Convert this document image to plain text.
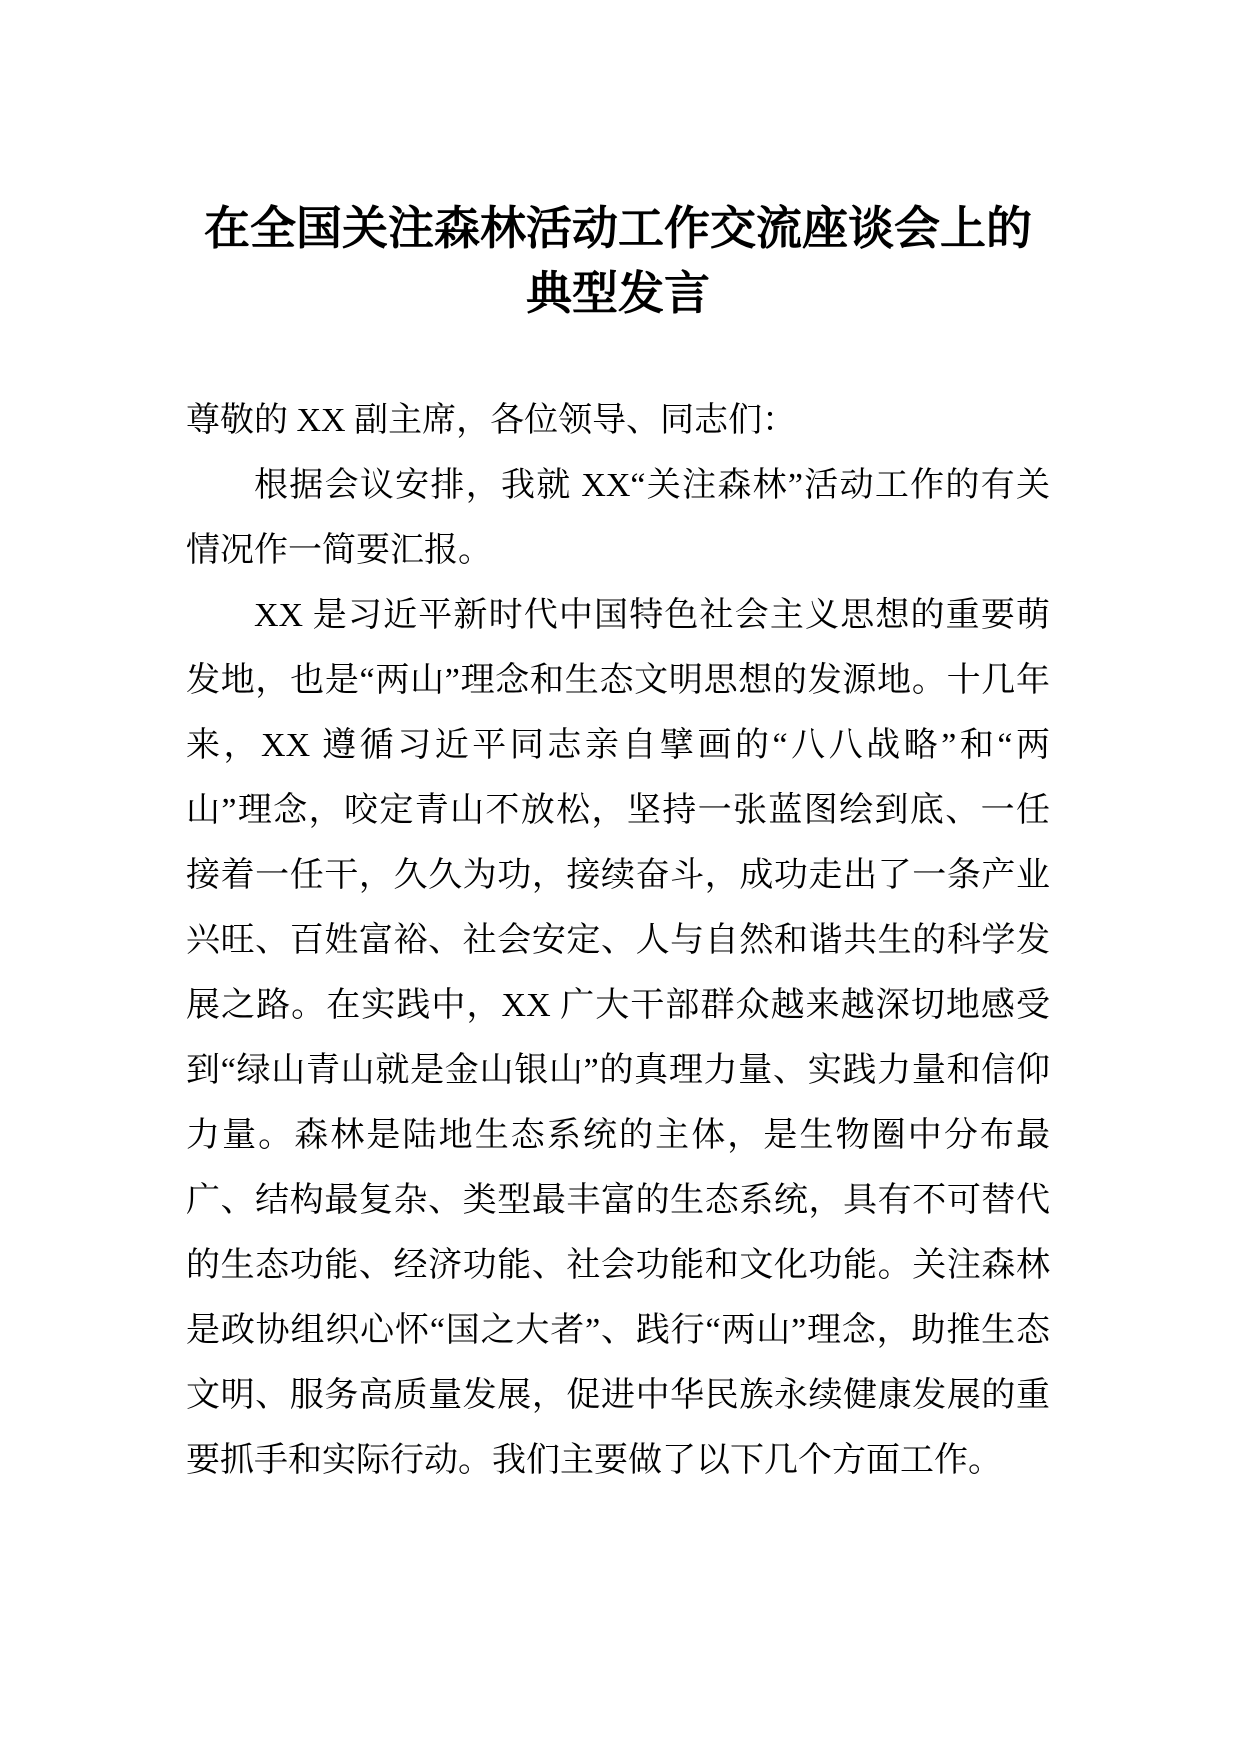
在全国关注森林活动工作交流座谈会上的典型发言

尊敬的 XX 副主席，各位领导、同志们：

根据会议安排，我就 XX“关注森林”活动工作的有关情况作一简要汇报。

XX 是习近平新时代中国特色社会主义思想的重要萌发地，也是“两山”理念和生态文明思想的发源地。十几年来，XX 遵循习近平同志亲自擘画的“八八战略”和“两山”理念，咬定青山不放松，坚持一张蓝图绘到底、一任接着一任干，久久为功，接续奋斗，成功走出了一条产业兴旺、百姓富裕、社会安定、人与自然和谐共生的科学发展之路。在实践中，XX 广大干部群众越来越深切地感受到“绿山青山就是金山银山”的真理力量、实践力量和信仰力量。森林是陆地生态系统的主体，是生物圈中分布最广、结构最复杂、类型最丰富的生态系统，具有不可替代的生态功能、经济功能、社会功能和文化功能。关注森林是政协组织心怀“国之大者”、践行“两山”理念，助推生态文明、服务高质量发展，促进中华民族永续健康发展的重要抓手和实际行动。我们主要做了以下几个方面工作。
